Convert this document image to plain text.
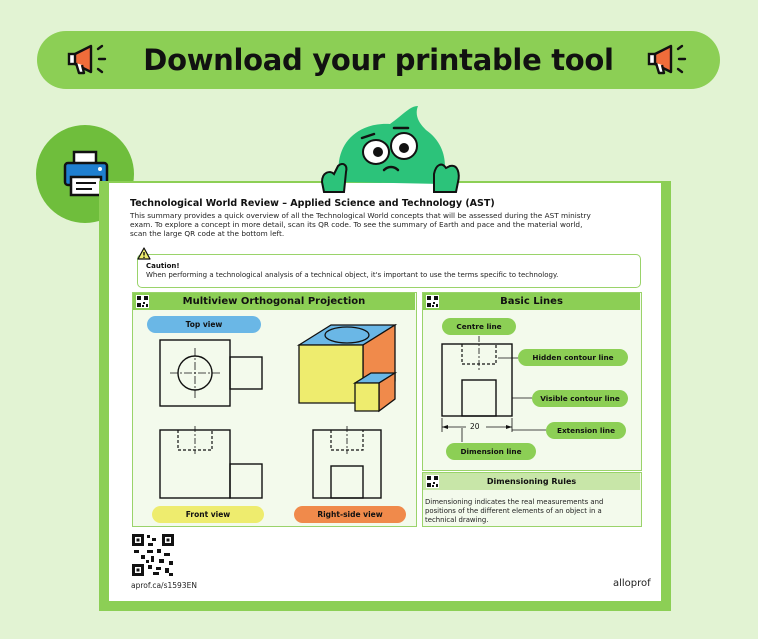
Download your printable tool
Technological World Review – Applied Science and Technology (AST)
This summary provides a quick overview of all the Technological World concepts that will be assessed during the AST ministry
exam. To explore a concept in more detail, scan its QR code. To see the summary of Earth and pace and the material world,
scan the large QR code at the bottom left.
Caution!
When performing a technological analysis of a technical object, it's important to use the terms specific to technology.
Multiview Orthogonal Projection
Top view
Front view	Right-side view
Basic Lines
20
Centre line
Hidden contour line
Visible contour line
Extension line
Dimension line
Dimensioning Rules
Dimensioning indicates the real measurements and
positions of the different elements of an object in a
technical drawing.
aprof.ca/s1593EN	alloprof
